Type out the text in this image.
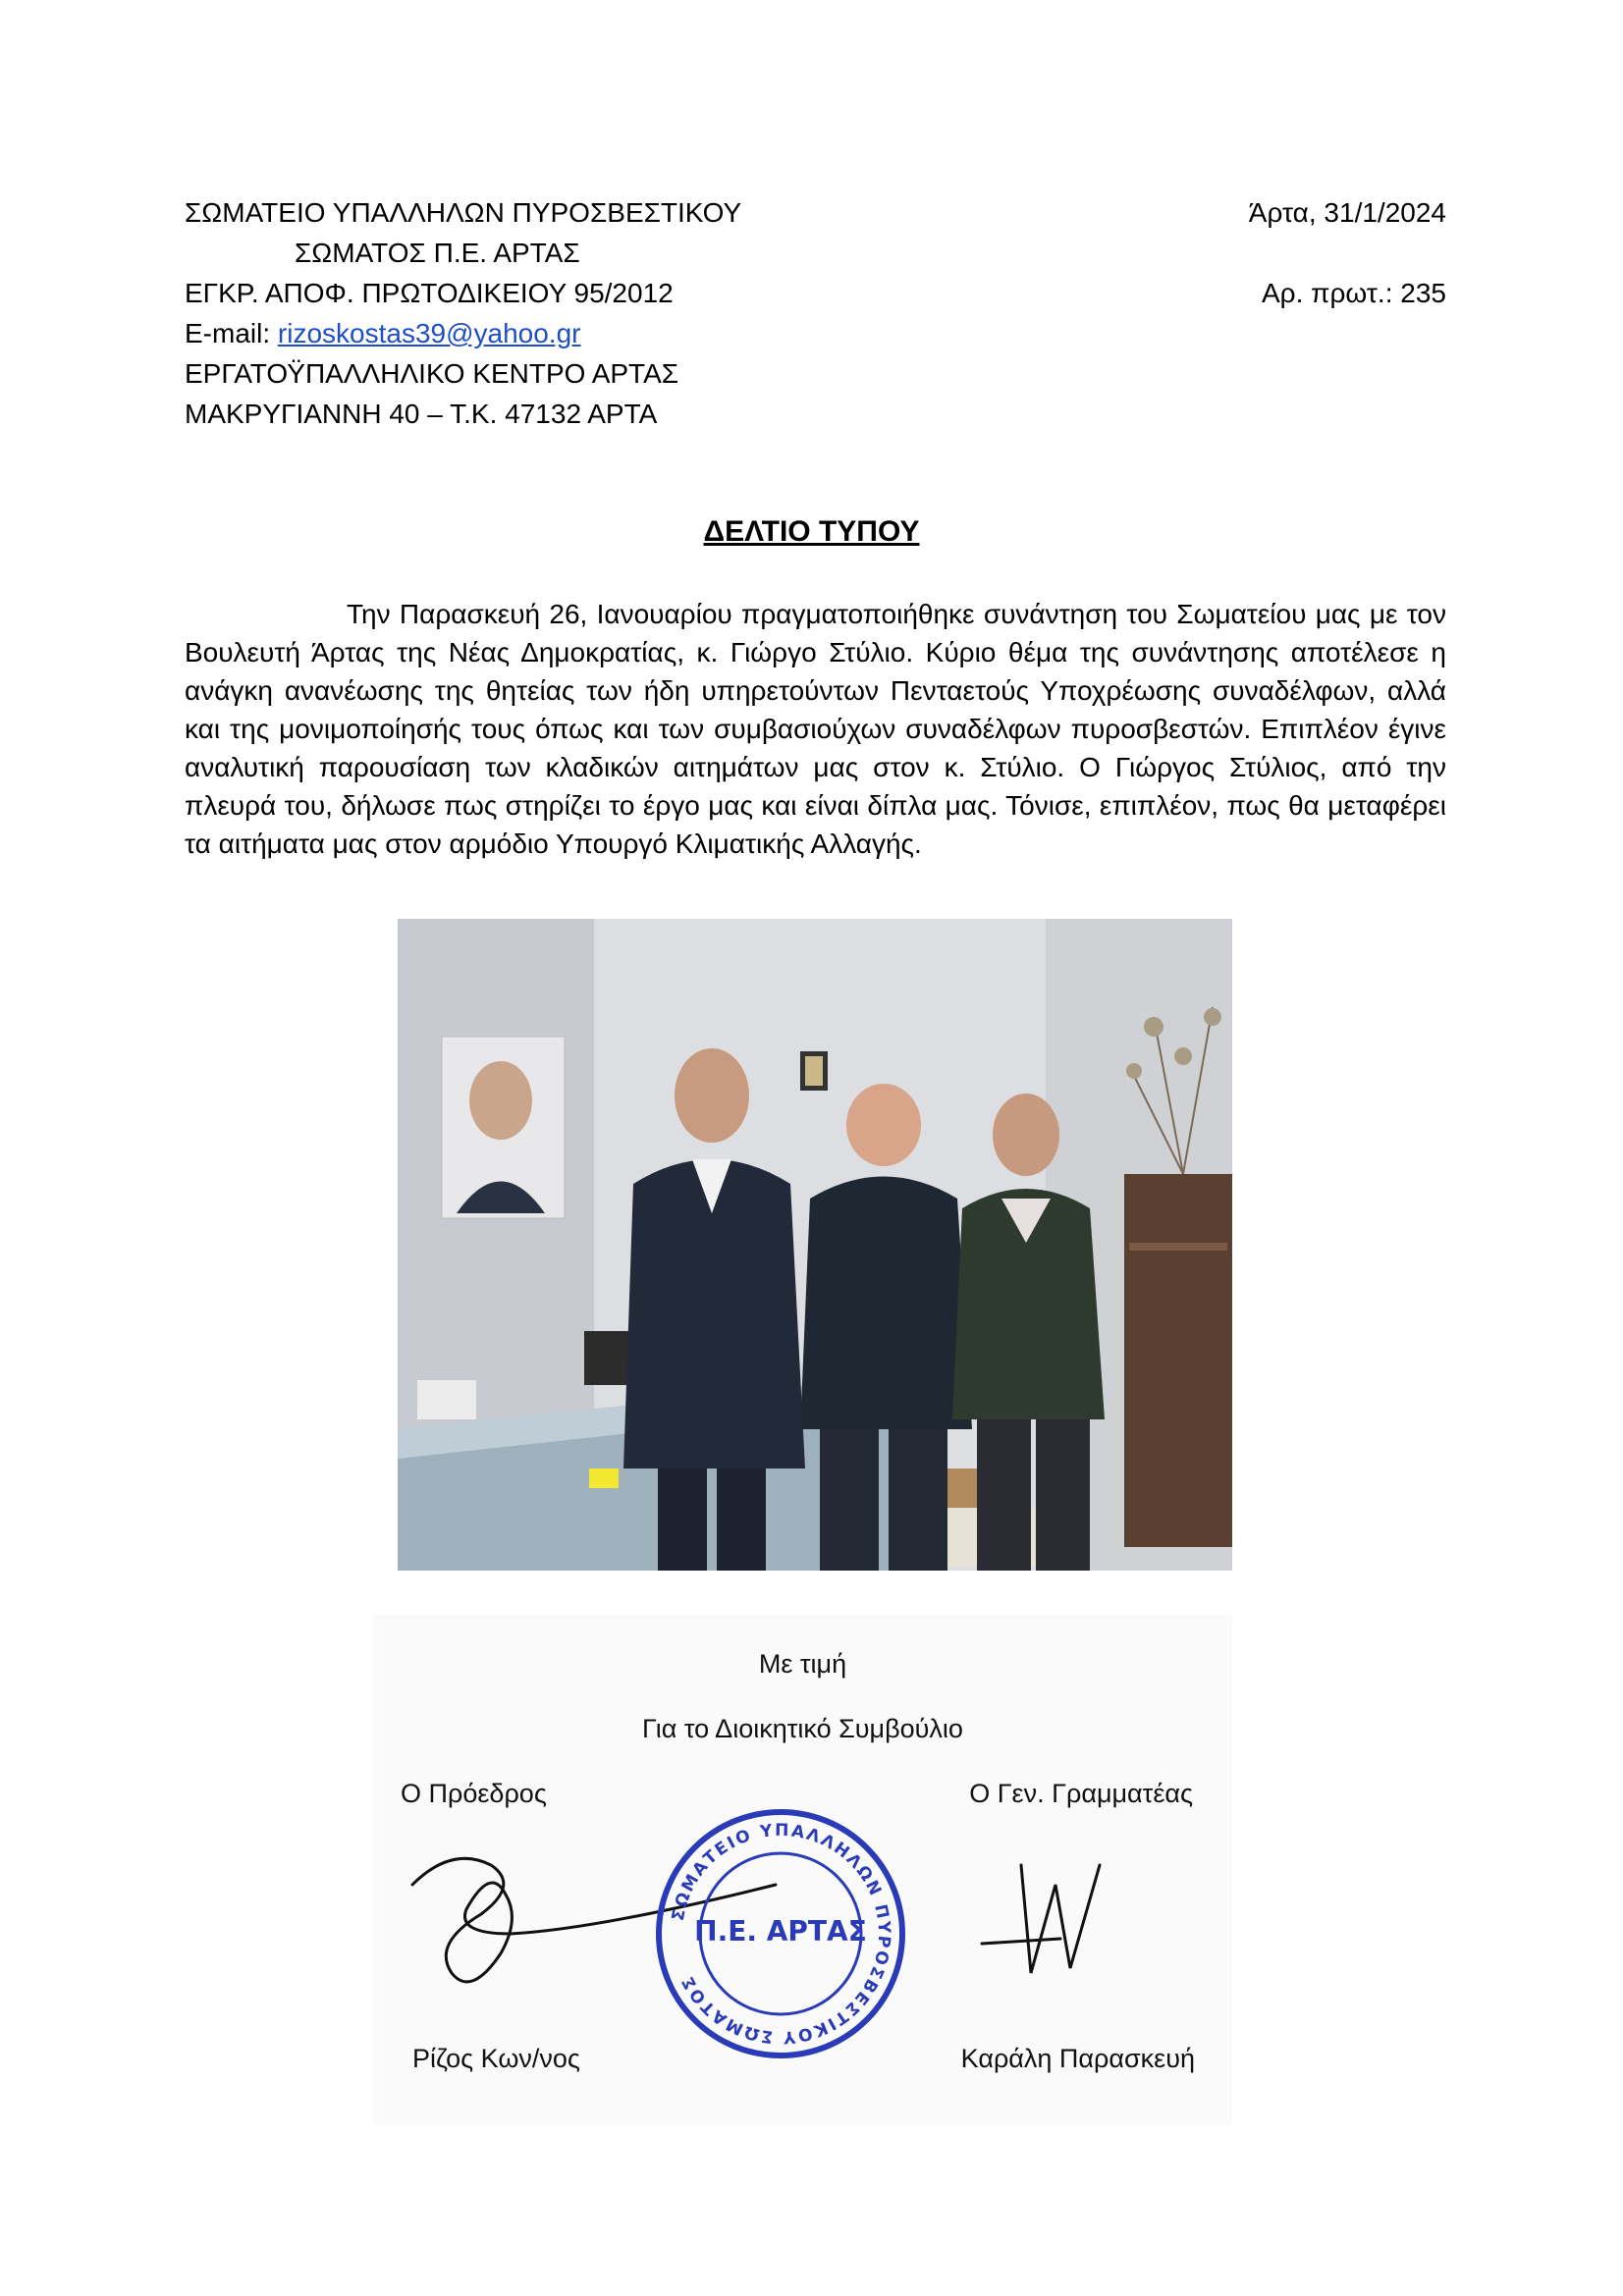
ΣΩΜΑΤΕΙΟ ΥΠΑΛΛΗΛΩΝ ΠΥΡΟΣΒΕΣΤΙΚΟΥ
ΣΩΜΑΤΟΣ Π.Ε. ΑΡΤΑΣ
ΕΓΚΡ. ΑΠΟΦ. ΠΡΩΤΟΔΙΚΕΙΟΥ 95/2012
E-mail: rizoskostas39@yahoo.gr
ΕΡΓΑΤΟΫΠΑΛΛΗΛΙΚΟ ΚΕΝΤΡΟ ΑΡΤΑΣ
ΜΑΚΡΥΓΙΑΝΝΗ 40 – Τ.Κ. 47132 ΑΡΤΑ
Άρτα, 31/1/2024
Αρ. πρωτ.: 235
ΔΕΛΤΙΟ ΤΥΠΟΥ

Την Παρασκευή 26, Ιανουαρίου πραγματοποιήθηκε συνάντηση του Σωματείου μας με τον Βουλευτή Άρτας της Νέας Δημοκρατίας, κ. Γιώργο Στύλιο. Κύριο θέμα της συνάντησης αποτέλεσε η ανάγκη ανανέωσης της θητείας των ήδη υπηρετούντων Πενταετούς Υποχρέωσης συναδέλφων, αλλά και της μονιμοποίησής τους όπως και των συμβασιούχων συναδέλφων πυροσβεστών. Επιπλέον έγινε αναλυτική παρουσίαση των κλαδικών αιτημάτων μας στον κ. Στύλιο. Ο Γιώργος Στύλιος, από την πλευρά του, δήλωσε πως στηρίζει το έργο μας και είναι δίπλα μας. Τόνισε, επιπλέον, πως θα μεταφέρει τα αιτήματα μας στον αρμόδιο Υπουργό Κλιματικής Αλλαγής.

Με τιμή
Για το Διοικητικό Συμβούλιο
Ο Πρόεδρος	Ο Γεν. Γραμματέας
ΣΩΜΑΤΕΙΟ ΥΠΑΛΛΗΛΩΝ ΠΥΡΟΣΒΕΣΤΙΚΟΥ ΣΩΜΑΤΟΣ
Π.Ε. ΑΡΤΑΣ
Ρίζος Κων/νος	Καράλη Παρασκευή
